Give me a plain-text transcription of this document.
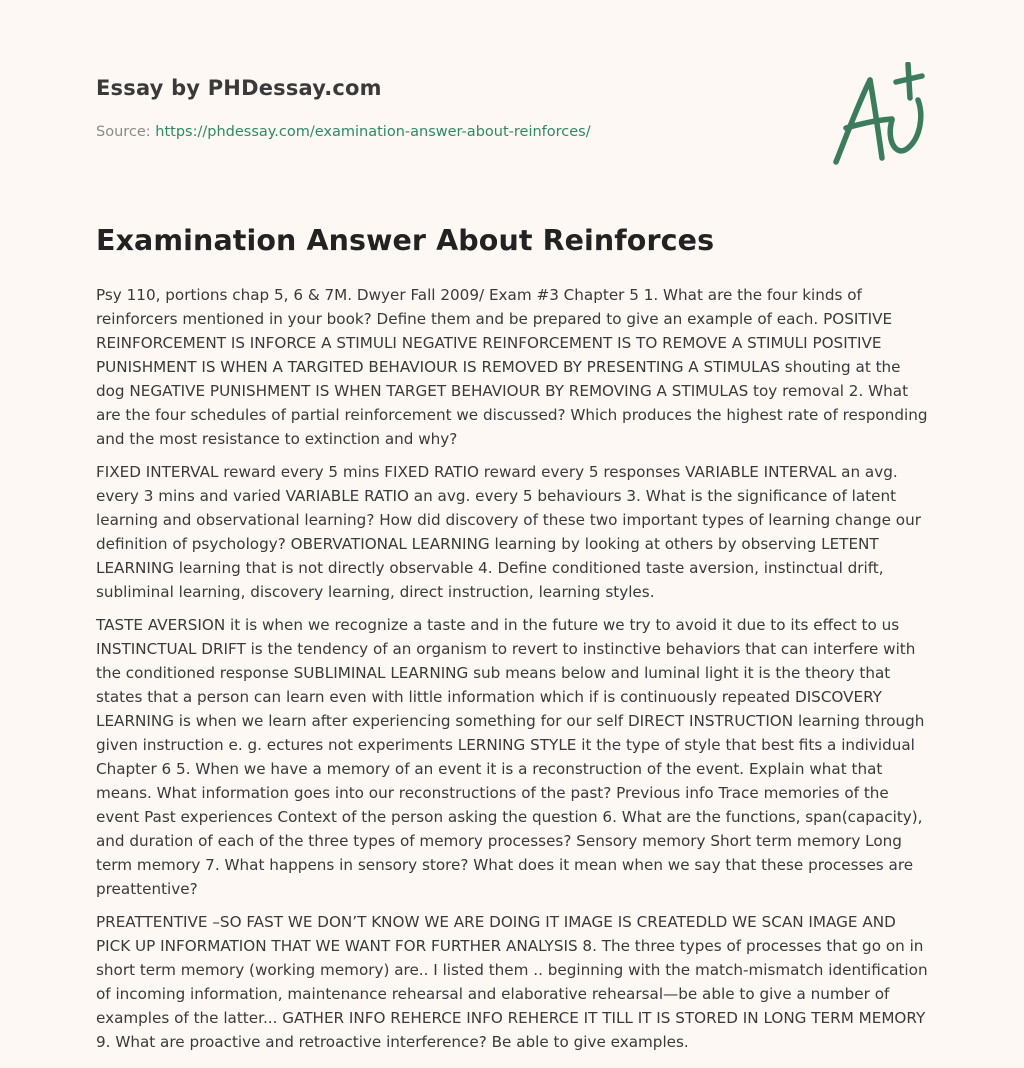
Essay by PHDessay.com
Source: https://phdessay.com/examination-answer-about-reinforces/
Examination Answer About Reinforces

Psy 110, portions chap 5, 6 & 7M. Dwyer Fall 2009/ Exam #3 Chapter 5 1. What are the four kinds of reinforcers mentioned in your book? Define them and be prepared to give an example of each. POSITIVE REINFORCEMENT IS INFORCE A STIMULI NEGATIVE REINFORCEMENT IS TO REMOVE A STIMULI POSITIVE PUNISHMENT IS WHEN A TARGITED BEHAVIOUR IS REMOVED BY PRESENTING A STIMULAS shouting at the dog NEGATIVE PUNISHMENT IS WHEN TARGET BEHAVIOUR BY REMOVING A STIMULAS toy removal 2. What are the four schedules of partial reinforcement we discussed? Which produces the highest rate of responding and the most resistance to extinction and why?

FIXED INTERVAL reward every 5 mins FIXED RATIO reward every 5 responses VARIABLE INTERVAL an avg. every 3 mins and varied VARIABLE RATIO an avg. every 5 behaviours 3. What is the significance of latent learning and observational learning? How did discovery of these two important types of learning change our definition of psychology? OBERVATIONAL LEARNING learning by looking at others by observing LETENT LEARNING learning that is not directly observable 4. Define conditioned taste aversion, instinctual drift, subliminal learning, discovery learning, direct instruction, learning styles.

TASTE AVERSION it is when we recognize a taste and in the future we try to avoid it due to its effect to us INSTINCTUAL DRIFT is the tendency of an organism to revert to instinctive behaviors that can interfere with the conditioned response SUBLIMINAL LEARNING sub means below and luminal light it is the theory that states that a person can learn even with little information which if is continuously repeated DISCOVERY LEARNING is when we learn after experiencing something for our self DIRECT INSTRUCTION learning through given instruction e. g. ectures not experiments LERNING STYLE it the type of style that best fits a individual Chapter 6 5. When we have a memory of an event it is a reconstruction of the event. Explain what that means. What information goes into our reconstructions of the past? Previous info Trace memories of the event Past experiences Context of the person asking the question 6. What are the functions, span(capacity), and duration of each of the three types of memory processes? Sensory memory Short term memory Long term memory 7. What happens in sensory store? What does it mean when we say that these processes are preattentive?

PREATTENTIVE –SO FAST WE DON’T KNOW WE ARE DOING IT IMAGE IS CREATEDLD WE SCAN IMAGE AND PICK UP INFORMATION THAT WE WANT FOR FURTHER ANALYSIS 8. The three types of processes that go on in short term memory (working memory) are.. I listed them .. beginning with the match-mismatch identification of incoming information, maintenance rehearsal and elaborative rehearsal—be able to give a number of examples of the latter... GATHER INFO REHERCE INFO REHERCE IT TILL IT IS STORED IN LONG TERM MEMORY 9. What are proactive and retroactive interference? Be able to give examples.
